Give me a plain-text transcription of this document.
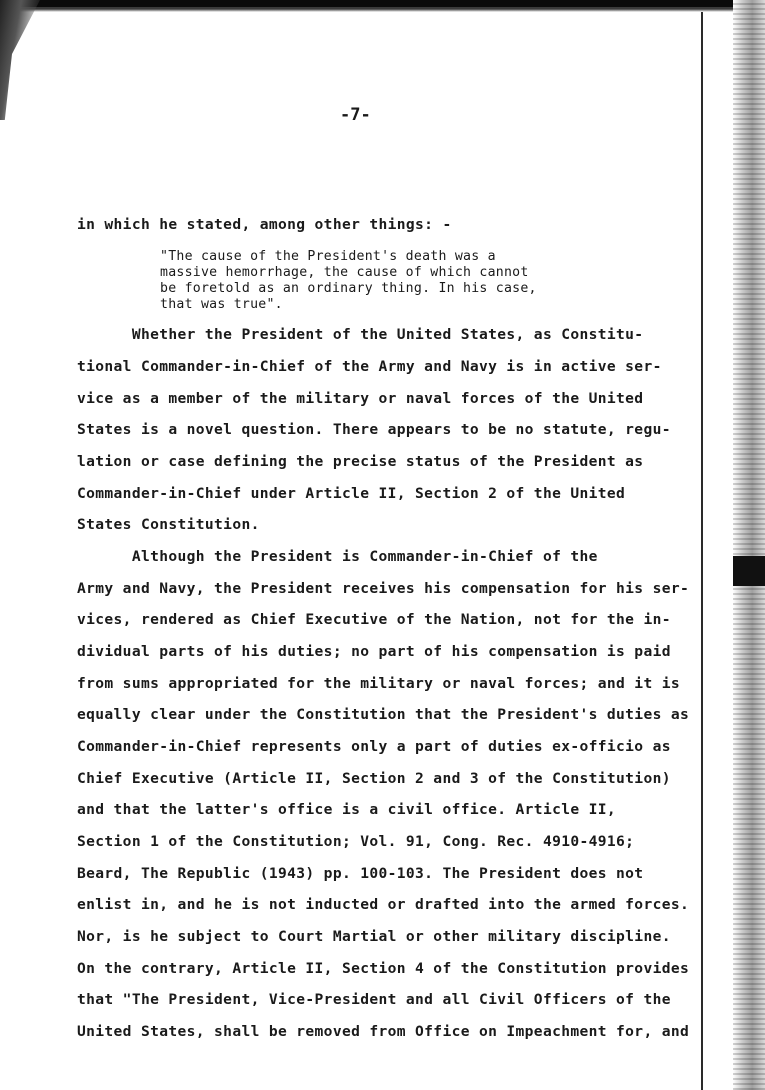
-7-
in which he stated, among other things: -
"The cause of the President's death was a
massive hemorrhage, the cause of which cannot
be foretold as an ordinary thing. In his case,
that was true".
Whether the President of the United States, as Constitu-
tional Commander-in-Chief of the Army and Navy is in active ser-
vice as a member of the military or naval forces of the United
States is a novel question. There appears to be no statute, regu-
lation or case defining the precise status of the President as
Commander-in-Chief under Article II, Section 2 of the United
States Constitution.
Although the President is Commander-in-Chief of the
Army and Navy, the President receives his compensation for his ser-
vices, rendered as Chief Executive of the Nation, not for the in-
dividual parts of his duties; no part of his compensation is paid
from sums appropriated for the military or naval forces; and it is
equally clear under the Constitution that the President's duties as
Commander-in-Chief represents only a part of duties ex-officio as
Chief Executive (Article II, Section 2 and 3 of the Constitution)
and that the latter's office is a civil office. Article II,
Section 1 of the Constitution; Vol. 91, Cong. Rec. 4910-4916;
Beard, The Republic (1943) pp. 100-103. The President does not
enlist in, and he is not inducted or drafted into the armed forces.
Nor, is he subject to Court Martial or other military discipline.
On the contrary, Article II, Section 4 of the Constitution provides
that "The President, Vice-President and all Civil Officers of the
United States, shall be removed from Office on Impeachment for, and
